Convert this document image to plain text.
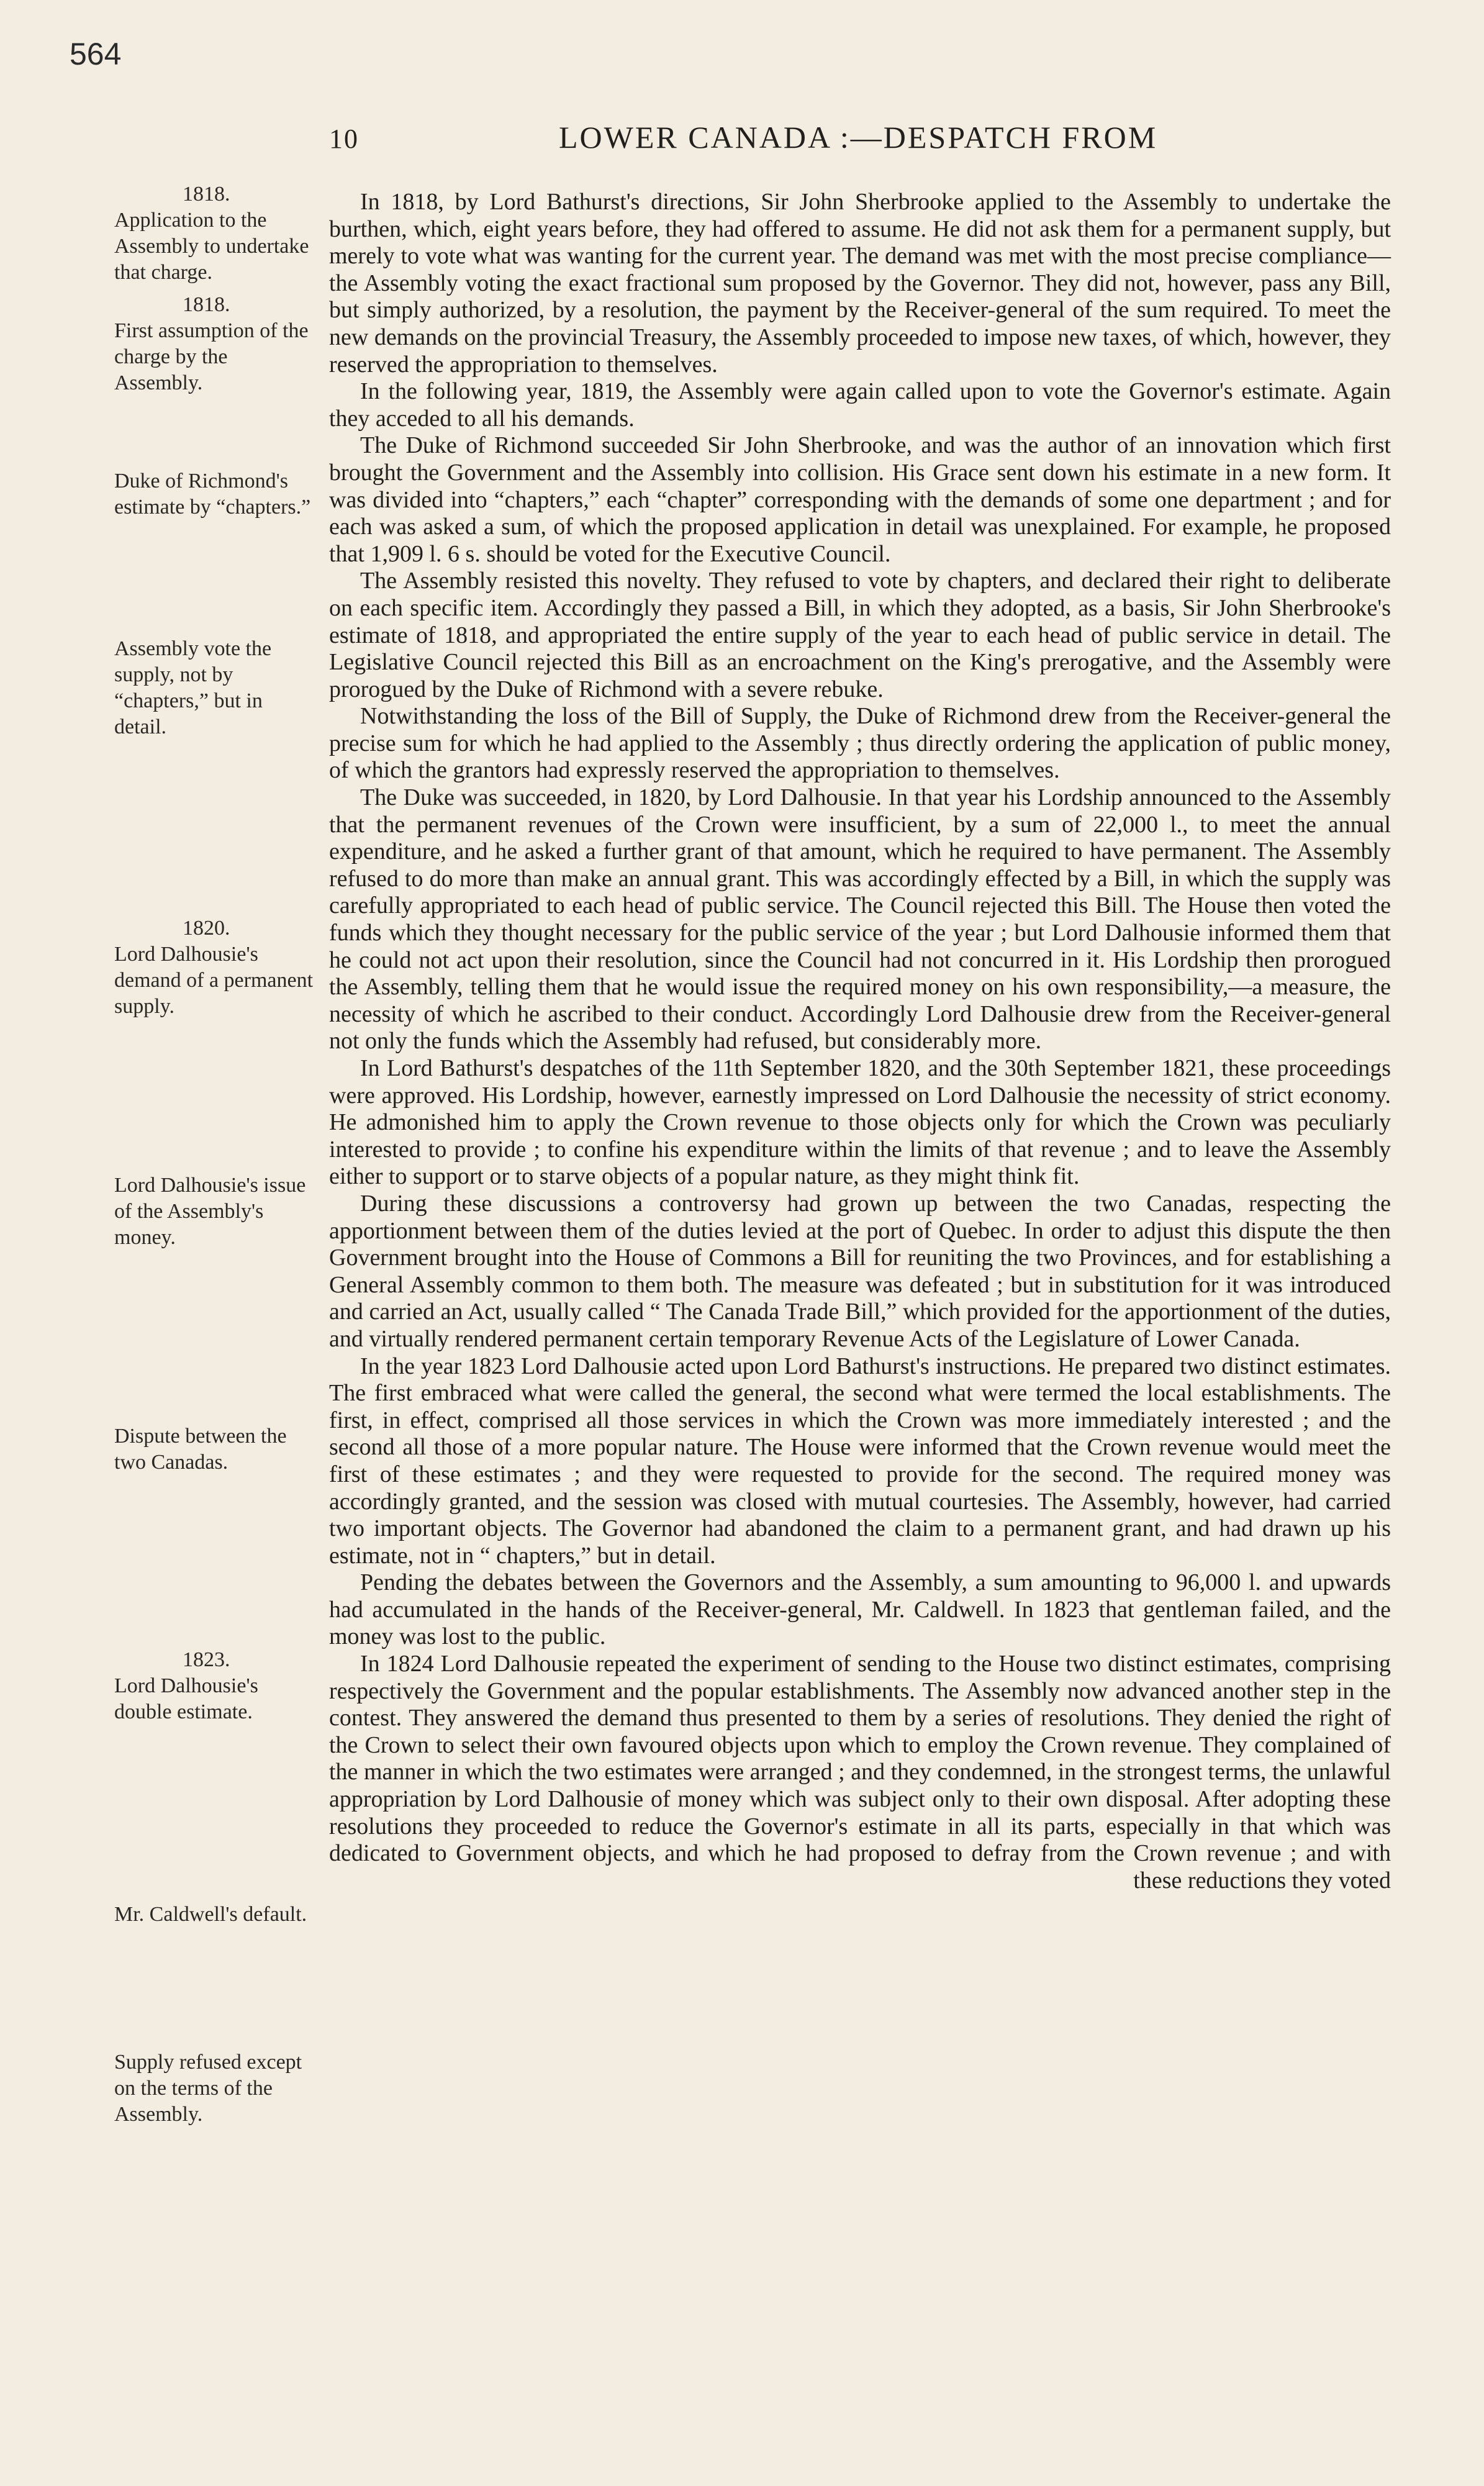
564
10	LOWER CANADA :—DESPATCH FROM
1818.
Application to the Assembly to undertake that charge.
1818.
First assumption of the charge by the Assembly.
Duke of Richmond's estimate by “chapters.”
Assembly vote the supply, not by “chapters,” but in detail.
1820.
Lord Dalhousie's demand of a permanent supply.
Lord Dalhousie's issue of the Assembly's money.
Dispute between the two Canadas.
1823.
Lord Dalhousie's double estimate.
Mr. Caldwell's default.
Supply refused except on the terms of the Assembly.

In 1818, by Lord Bathurst's directions, Sir John Sherbrooke applied to the Assembly to undertake the burthen, which, eight years before, they had offered to assume. He did not ask them for a permanent supply, but merely to vote what was wanting for the current year. The demand was met with the most precise compliance—the Assembly voting the exact fractional sum proposed by the Governor. They did not, however, pass any Bill, but simply authorized, by a resolution, the payment by the Receiver-general of the sum required. To meet the new demands on the provincial Treasury, the Assembly proceeded to impose new taxes, of which, however, they reserved the appropriation to themselves.

In the following year, 1819, the Assembly were again called upon to vote the Governor's estimate. Again they acceded to all his demands.

The Duke of Richmond succeeded Sir John Sherbrooke, and was the author of an innovation which first brought the Government and the Assembly into collision. His Grace sent down his estimate in a new form. It was divided into “chapters,” each “chapter” corresponding with the demands of some one department ; and for each was asked a sum, of which the proposed application in detail was unexplained. For example, he proposed that 1,909 l. 6 s. should be voted for the Executive Council.

The Assembly resisted this novelty. They refused to vote by chapters, and declared their right to deliberate on each specific item. Accordingly they passed a Bill, in which they adopted, as a basis, Sir John Sherbrooke's estimate of 1818, and appropriated the entire supply of the year to each head of public service in detail. The Legislative Council rejected this Bill as an encroachment on the King's prerogative, and the Assembly were prorogued by the Duke of Richmond with a severe rebuke.

Notwithstanding the loss of the Bill of Supply, the Duke of Richmond drew from the Receiver-general the precise sum for which he had applied to the Assembly ; thus directly ordering the application of public money, of which the grantors had expressly reserved the appropriation to themselves.

The Duke was succeeded, in 1820, by Lord Dalhousie. In that year his Lordship announced to the Assembly that the permanent revenues of the Crown were insufficient, by a sum of 22,000 l., to meet the annual expenditure, and he asked a further grant of that amount, which he required to have permanent. The Assembly refused to do more than make an annual grant. This was accordingly effected by a Bill, in which the supply was carefully appropriated to each head of public service. The Council rejected this Bill. The House then voted the funds which they thought necessary for the public service of the year ; but Lord Dalhousie informed them that he could not act upon their resolution, since the Council had not concurred in it. His Lordship then prorogued the Assembly, telling them that he would issue the required money on his own responsibility,—a measure, the necessity of which he ascribed to their conduct. Accordingly Lord Dalhousie drew from the Receiver-general not only the funds which the Assembly had refused, but considerably more.

In Lord Bathurst's despatches of the 11th September 1820, and the 30th September 1821, these proceedings were approved. His Lordship, however, earnestly impressed on Lord Dalhousie the necessity of strict economy. He admonished him to apply the Crown revenue to those objects only for which the Crown was peculiarly interested to provide ; to confine his expenditure within the limits of that revenue ; and to leave the Assembly either to support or to starve objects of a popular nature, as they might think fit.

During these discussions a controversy had grown up between the two Canadas, respecting the apportionment between them of the duties levied at the port of Quebec. In order to adjust this dispute the then Government brought into the House of Commons a Bill for reuniting the two Provinces, and for establishing a General Assembly common to them both. The measure was defeated ; but in substitution for it was introduced and carried an Act, usually called “ The Canada Trade Bill,” which provided for the apportionment of the duties, and virtually rendered permanent certain temporary Revenue Acts of the Legislature of Lower Canada.

In the year 1823 Lord Dalhousie acted upon Lord Bathurst's instructions. He prepared two distinct estimates. The first embraced what were called the general, the second what were termed the local establishments. The first, in effect, comprised all those services in which the Crown was more immediately interested ; and the second all those of a more popular nature. The House were informed that the Crown revenue would meet the first of these estimates ; and they were requested to provide for the second. The required money was accordingly granted, and the session was closed with mutual courtesies. The Assembly, however, had carried two important objects. The Governor had abandoned the claim to a permanent grant, and had drawn up his estimate, not in “ chapters,” but in detail.

Pending the debates between the Governors and the Assembly, a sum amounting to 96,000 l. and upwards had accumulated in the hands of the Receiver-general, Mr. Caldwell. In 1823 that gentleman failed, and the money was lost to the public.

In 1824 Lord Dalhousie repeated the experiment of sending to the House two distinct estimates, comprising respectively the Government and the popular establishments. The Assembly now advanced another step in the contest. They answered the demand thus presented to them by a series of resolutions. They denied the right of the Crown to select their own favoured objects upon which to employ the Crown revenue. They complained of the manner in which the two estimates were arranged ; and they condemned, in the strongest terms, the unlawful appropriation by Lord Dalhousie of money which was subject only to their own disposal. After adopting these resolutions they proceeded to reduce the Governor's estimate in all its parts, especially in that which was dedicated to Government objects, and which he had proposed to defray from the Crown revenue ; and with these reductions they voted
